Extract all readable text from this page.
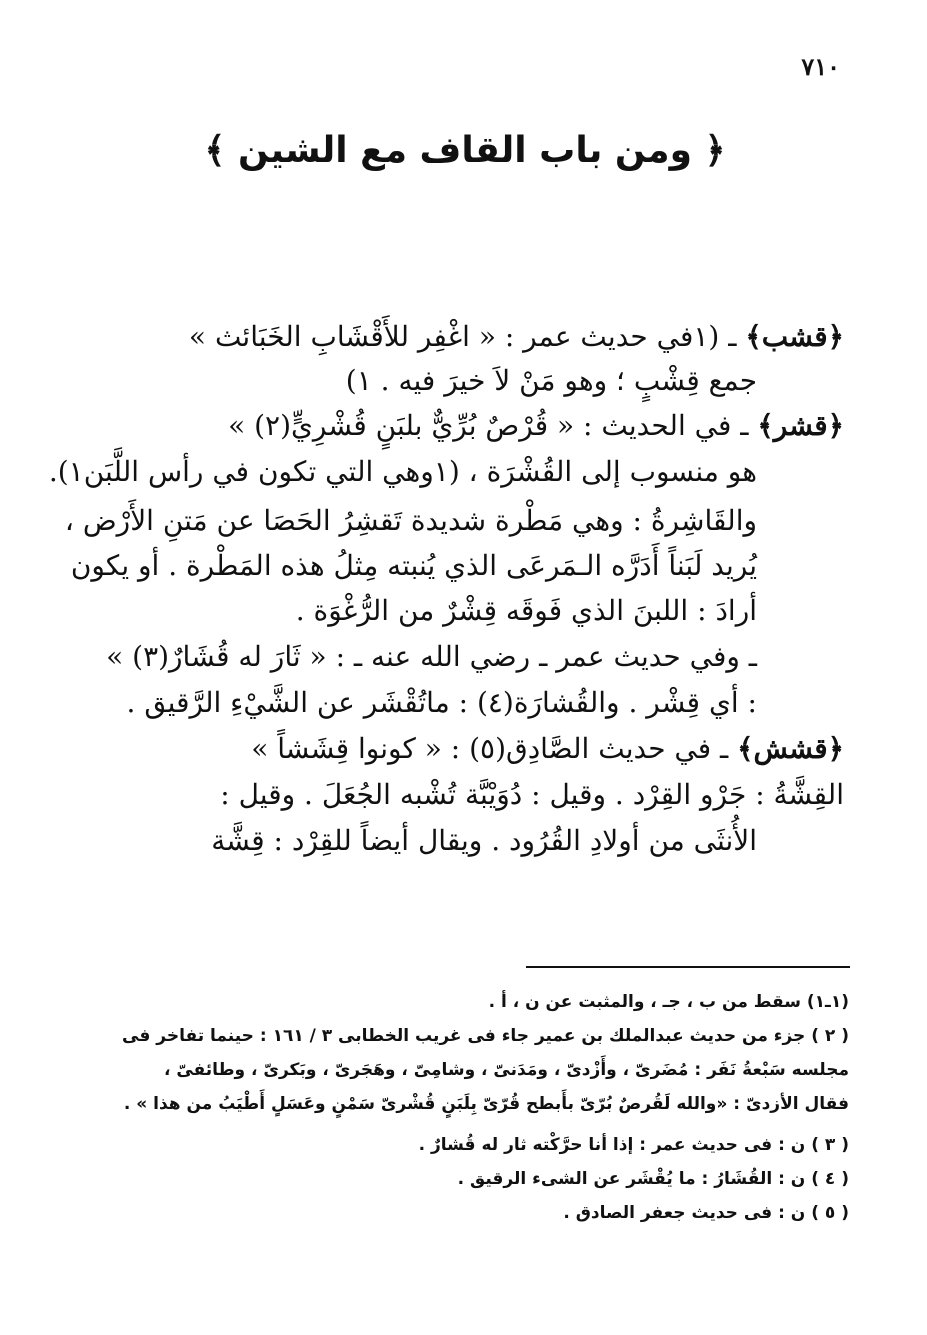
٧١٠
﴿ ومن باب القاف مع الشين ﴾
﴿قشب﴾ ـ (١في حديث عمر : « اغْفِر للأَقْشَابِ الخَبَائث »
جمع قِشْبٍ ؛ وهو مَنْ لاَ خيرَ فيه . ١)
﴿قشر﴾ ـ في الحديث : « قُرْصٌ بُرِّيٌّ بلبَنٍ قُشْرِيٍّ(٢) »
هو منسوب إلى القُشْرَة ، (١وهي التي تكون في رأس اللَّبَن١).
والقَاشِرةُ : وهي مَطْرة شديدة تَقشِرُ الحَصَا عن مَتنِ الأَرْض ،
يُريد لَبَناً أَدَرَّه الـمَرعَى الذي يُنبته مِثلُ هذه المَطْرة . أو يكون
أرادَ : اللبنَ الذي فَوقَه قِشْرٌ من الرُّغْوَة .
ـ وفي حديث عمر ـ رضي الله عنه ـ : « ثَارَ له قُشَارٌ(٣) »
: أي قِشْر . والقُشارَة(٤) : ماتُقْشَر عن الشَّيْءِ الرَّقيق .
﴿قشش﴾ ـ في حديث الصَّادِق(٥) : « كونوا قِشَشاً »
القِشَّةُ : جَرْو القِرْد . وقيل : دُوَيْبَّة تُشْبه الجُعَلَ . وقيل :
الأُنثَى من أولادِ القُرُود . ويقال أيضاً للقِرْد : قِشَّة
(١ـ١) سقط من ب ، جـ ، والمثبت عن ن ، أ .
( ٢ ) جزء من حديث عبدالملك بن عمير جاء فى غريب الخطابى ٣ / ١٦١ : حينما تفاخر فى
مجلسه سَبْعةُ نَفَر : مُضَرىّ ، وأَزْدىّ ، ومَدَنىّ ، وشامِىّ ، وهَجَرىّ ، وبَكرىّ ، وطائفىّ ،
فقال الأزدىّ : «والله لَقُرصٌ بُرّىّ بأَبطح قُرّىّ بِلَبَنٍ قُشْرىّ سَمْنٍ وعَسَلٍ أَطْيَبُ من هذا » .
( ٣ ) ن : فى حديث عمر : إذا أنا حرَّكْته ثار له قُشارٌ .
( ٤ ) ن : القُشَارُ : ما يُقْشَر عن الشىء الرقيق .
( ٥ ) ن : فى حديث جعفر الصادق .
